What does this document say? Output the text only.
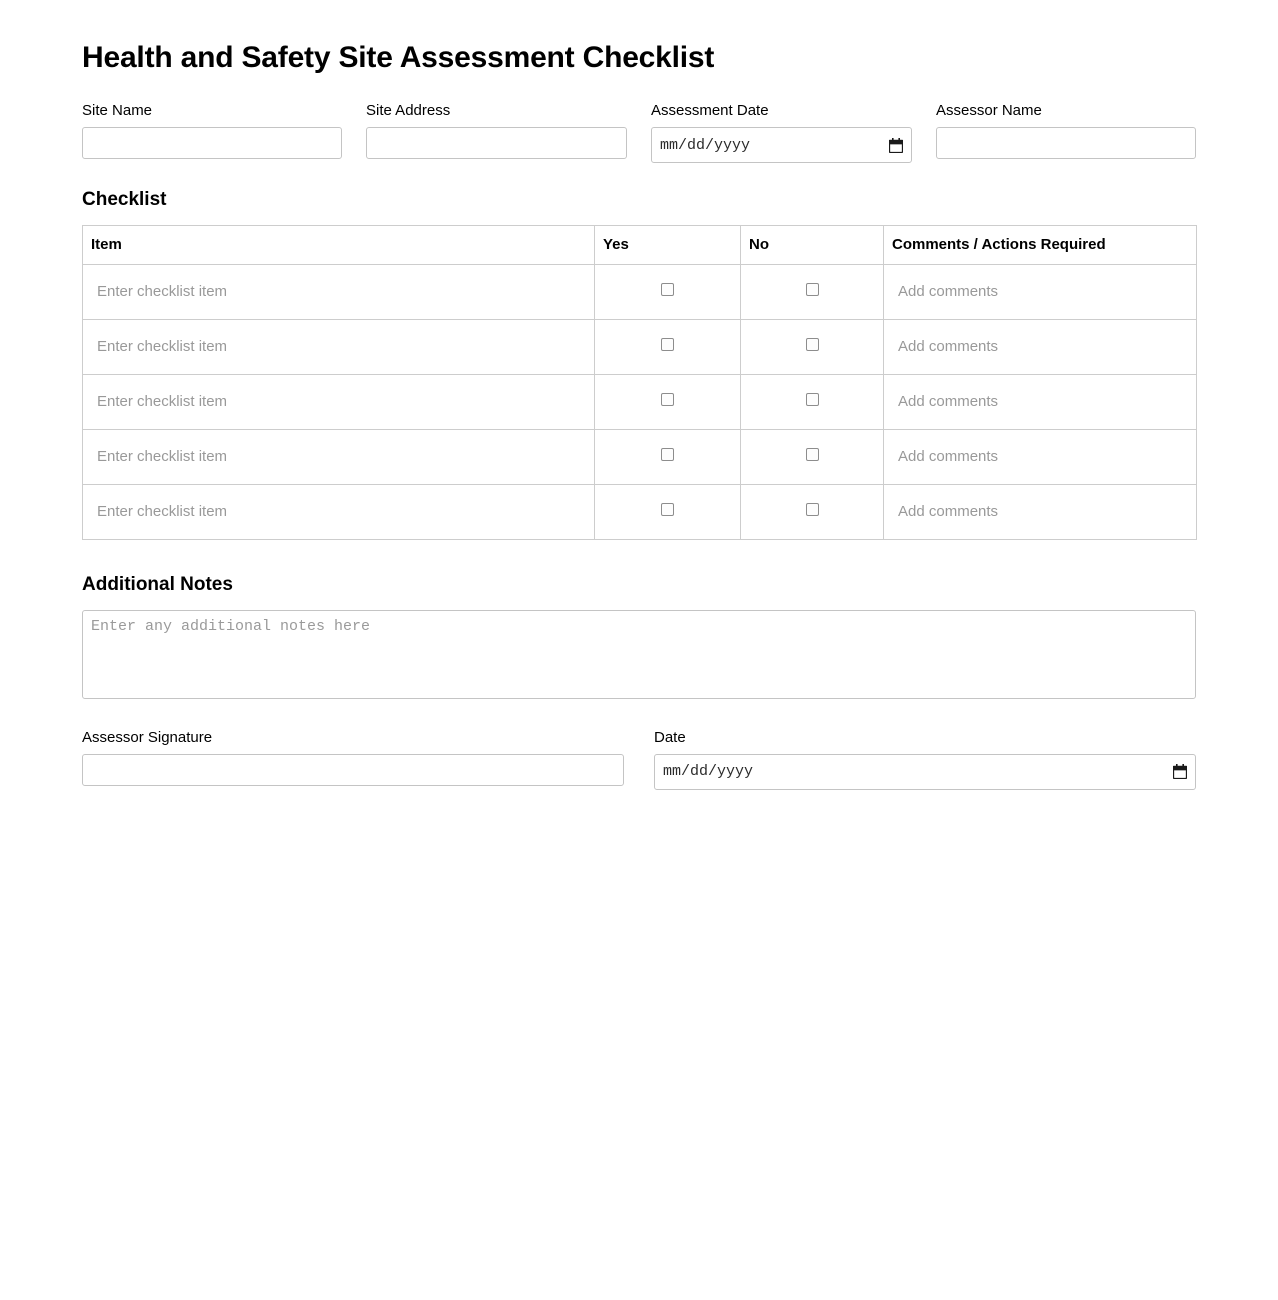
Health and Safety Site Assessment Checklist
Site Name	Site Address	Assessment Date
mm/dd/yyyy
Assessor Name
Checklist
Item	Yes	No	Comments / Actions Required
Enter checklist item			Add comments
Enter checklist item			Add comments
Enter checklist item			Add comments
Enter checklist item			Add comments
Enter checklist item			Add comments
Additional Notes
Enter any additional notes here
Assessor Signature	Date
mm/dd/yyyy
